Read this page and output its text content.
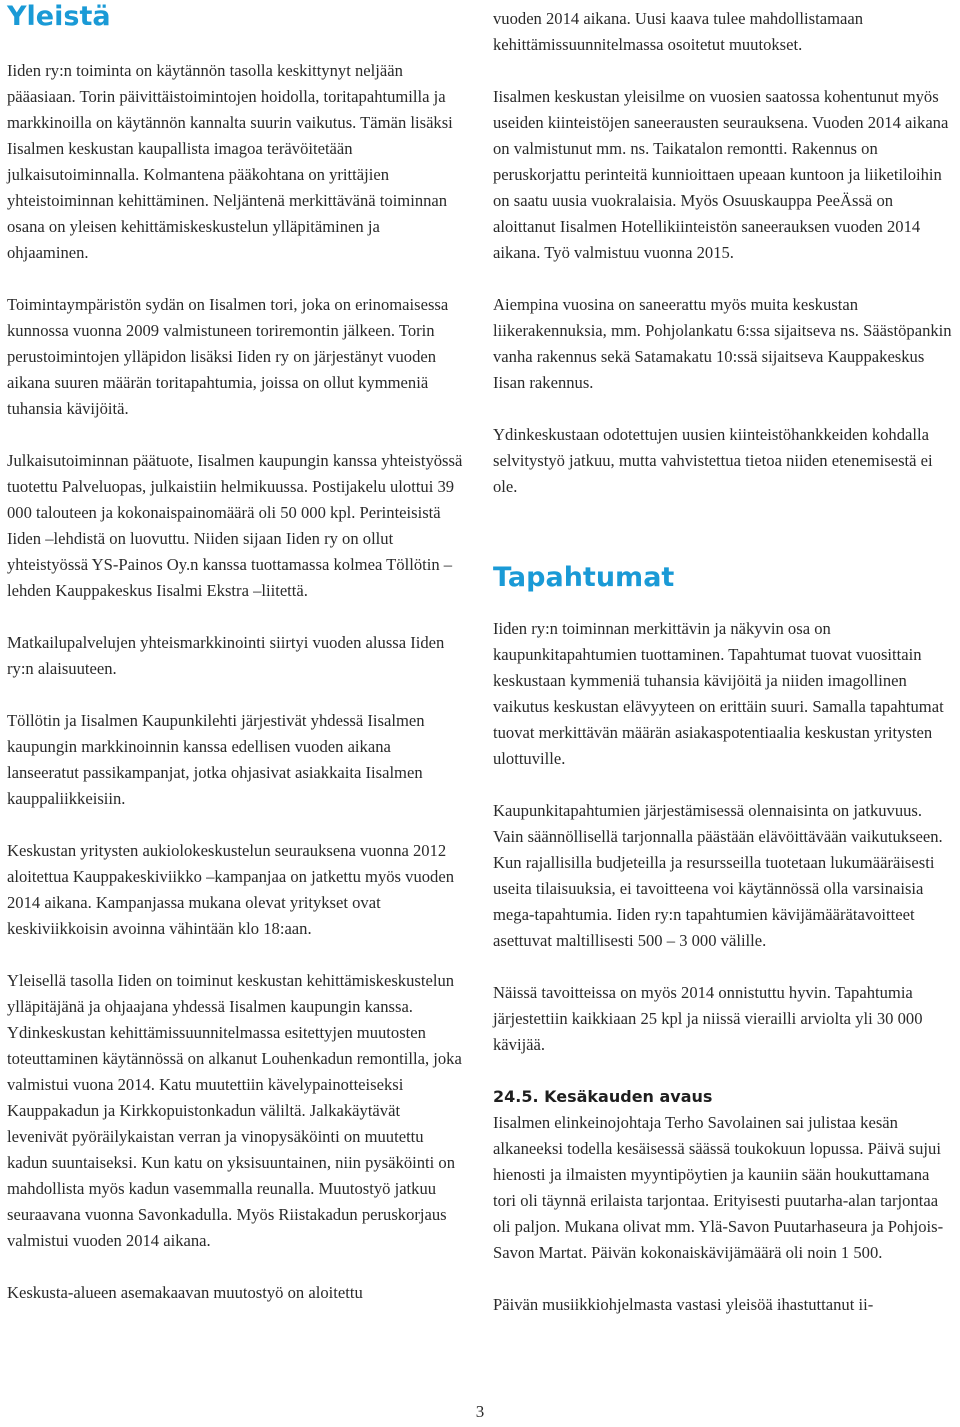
Yleistä

Iiden ry:n toiminta on käytännön tasolla keskittynyt neljään pääasiaan. Torin päivittäistoimintojen hoidolla, toritapahtumilla ja markkinoilla on käytännön kannalta suurin vaikutus. Tämän lisäksi Iisalmen keskustan kaupallista imagoa terävöitetään julkaisutoiminnalla. Kolmantena pääkohtana on yrittäjien yhteistoiminnan kehittäminen. Neljäntenä merkittävänä toiminnan osana on yleisen kehittämiskeskustelun ylläpitäminen ja ohjaaminen.

Toimintaympäristön sydän on Iisalmen tori, joka on erinomaisessa kunnossa vuonna 2009 valmistuneen toriremontin jälkeen. Torin perustoimintojen ylläpidon lisäksi Iiden ry on järjestänyt vuoden aikana suuren määrän toritapahtumia, joissa on ollut kymmeniä tuhansia kävijöitä.

Julkaisutoiminnan päätuote, Iisalmen kaupungin kanssa yhteistyössä tuotettu Palveluopas, julkaistiin helmikuussa. Postijakelu ulottui 39 000 talouteen ja kokonaispainomäärä oli 50 000 kpl. Perinteisistä Iiden –lehdistä on luovuttu. Niiden sijaan Iiden ry on ollut yhteistyössä YS-Painos Oy.n kanssa tuottamassa kolmea Töllötin –lehden Kauppakeskus Iisalmi Ekstra –liitettä.

Matkailupalvelujen yhteismarkkinointi siirtyi vuoden alussa Iiden ry:n alaisuuteen.

Töllötin ja Iisalmen Kaupunkilehti järjestivät yhdessä Iisalmen kaupungin markkinoinnin kanssa edellisen vuoden aikana lanseeratut passikampanjat, jotka ohjasivat asiakkaita Iisalmen kauppaliikkeisiin.

Keskustan yritysten aukiolokeskustelun seurauksena vuonna 2012 aloitettua Kauppakeskiviikko –kampanjaa on jatkettu myös vuoden 2014 aikana. Kampanjassa mukana olevat yritykset ovat keskiviikkoisin avoinna vähintään klo 18:aan.

Yleisellä tasolla Iiden on toiminut keskustan kehittämiskeskustelun ylläpitäjänä ja ohjaajana yhdessä Iisalmen kaupungin kanssa. Ydinkeskustan kehittämissuunnitelmassa esitettyjen muutosten toteuttaminen käytännössä on alkanut Louhenkadun remontilla, joka valmistui vuona 2014. Katu muutettiin kävelypainotteiseksi Kauppakadun ja Kirkkopuistonkadun väliltä. Jalkakäytävät levenivät pyöräilykaistan verran ja vinopysäköinti on muutettu kadun suuntaiseksi. Kun katu on yksisuuntainen, niin pysäköinti on mahdollista myös kadun vasemmalla reunalla. Muutostyö jatkuu seuraavana vuonna Savonkadulla. Myös Riistakadun peruskorjaus valmistui vuoden 2014 aikana.

Keskusta-alueen asemakaavan muutostyö on aloitettu

vuoden 2014 aikana. Uusi kaava tulee mahdollistamaan kehittämissuunnitelmassa osoitetut muutokset.

Iisalmen keskustan yleisilme on vuosien saatossa kohentunut myös useiden kiinteistöjen saneerausten seurauksena. Vuoden 2014 aikana on valmistunut mm. ns. Taikatalon remontti. Rakennus on peruskorjattu perinteitä kunnioittaen upeaan kuntoon ja liiketiloihin on saatu uusia vuokralaisia. Myös Osuuskauppa PeeÄssä on aloittanut Iisalmen Hotellikiinteistön saneerauksen vuoden 2014 aikana. Työ valmistuu vuonna 2015.

Aiempina vuosina on saneerattu myös muita keskustan liikerakennuksia, mm. Pohjolankatu 6:ssa sijaitseva ns. Säästöpankin vanha rakennus sekä Satamakatu 10:ssä sijaitseva Kauppakeskus Iisan rakennus.

Ydinkeskustaan odotettujen uusien kiinteistöhankkeiden kohdalla selvitystyö jatkuu, mutta vahvistettua tietoa niiden etenemisestä ei ole.

Tapahtumat

Iiden ry:n toiminnan merkittävin ja näkyvin osa on kaupunkitapahtumien tuottaminen. Tapahtumat tuovat vuosittain keskustaan kymmeniä tuhansia kävijöitä ja niiden imagollinen vaikutus keskustan elävyyteen on erittäin suuri. Samalla tapahtumat tuovat merkittävän määrän asiakaspotentiaalia keskustan yritysten ulottuville.

Kaupunkitapahtumien järjestämisessä olennaisinta on jatkuvuus. Vain säännöllisellä tarjonnalla päästään elävöittävään vaikutukseen. Kun rajallisilla budjeteilla ja resursseilla tuotetaan lukumääräisesti useita tilaisuuksia, ei tavoitteena voi käytännössä olla varsinaisia mega-tapahtumia. Iiden ry:n tapahtumien kävijämäärätavoitteet asettuvat maltillisesti 500 – 3 000 välille.

Näissä tavoitteissa on myös 2014 onnistuttu hyvin. Tapahtumia järjestettiin kaikkiaan 25 kpl ja niissä vierailli arviolta yli 30 000 kävijää.

24.5. Kesäkauden avaus

Iisalmen elinkeinojohtaja Terho Savolainen sai julistaa kesän alkaneeksi todella kesäisessä säässä toukokuun lopussa. Päivä sujui hienosti ja ilmaisten myyntipöytien ja kauniin sään houkuttamana tori oli täynnä erilaista tarjontaa. Erityisesti puutarha-alan tarjontaa oli paljon. Mukana olivat mm. Ylä-Savon Puutarhaseura ja Pohjois-Savon Martat. Päivän kokonaiskävijämäärä oli noin 1 500.

Päivän musiikkiohjelmasta vastasi yleisöä ihastuttanut ii-

3
